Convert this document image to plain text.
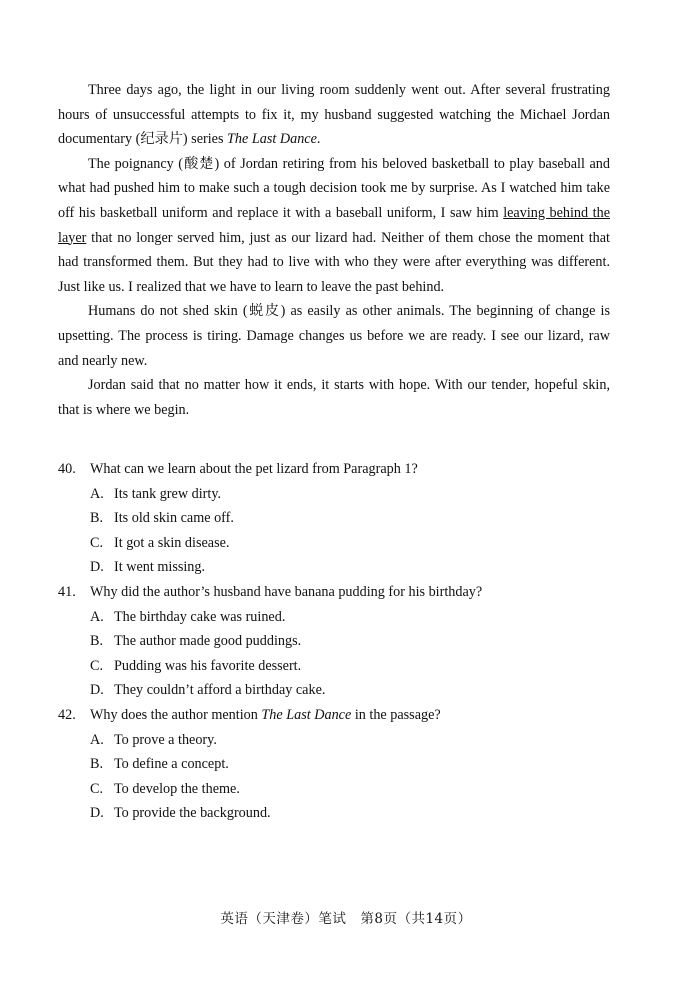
Three days ago, the light in our living room suddenly went out. After several frustrating hours of unsuccessful attempts to fix it, my husband suggested watching the Michael Jordan documentary (纪录片) series The Last Dance.

The poignancy (酸楚) of Jordan retiring from his beloved basketball to play baseball and what had pushed him to make such a tough decision took me by surprise. As I watched him take off his basketball uniform and replace it with a baseball uniform, I saw him leaving behind the layer that no longer served him, just as our lizard had. Neither of them chose the moment that had transformed them. But they had to live with who they were after everything was different. Just like us. I realized that we have to learn to leave the past behind.

Humans do not shed skin (蜕皮) as easily as other animals. The beginning of change is upsetting. The process is tiring. Damage changes us before we are ready. I see our lizard, raw and nearly new.

Jordan said that no matter how it ends, it starts with hope. With our tender, hopeful skin, that is where we begin.

40.	What can we learn about the pet lizard from Paragraph 1?
A. Its tank grew dirty.
B. Its old skin came off.
C. It got a skin disease.
D. It went missing.
41.	Why did the author’s husband have banana pudding for his birthday?
A. The birthday cake was ruined.
B. The author made good puddings.
C. Pudding was his favorite dessert.
D. They couldn’t afford a birthday cake.
42.	Why does the author mention The Last Dance in the passage?
A. To prove a theory.
B. To define a concept.
C. To develop the theme.
D. To provide the background.
英语（天津卷）笔试　第8页（共14页）
